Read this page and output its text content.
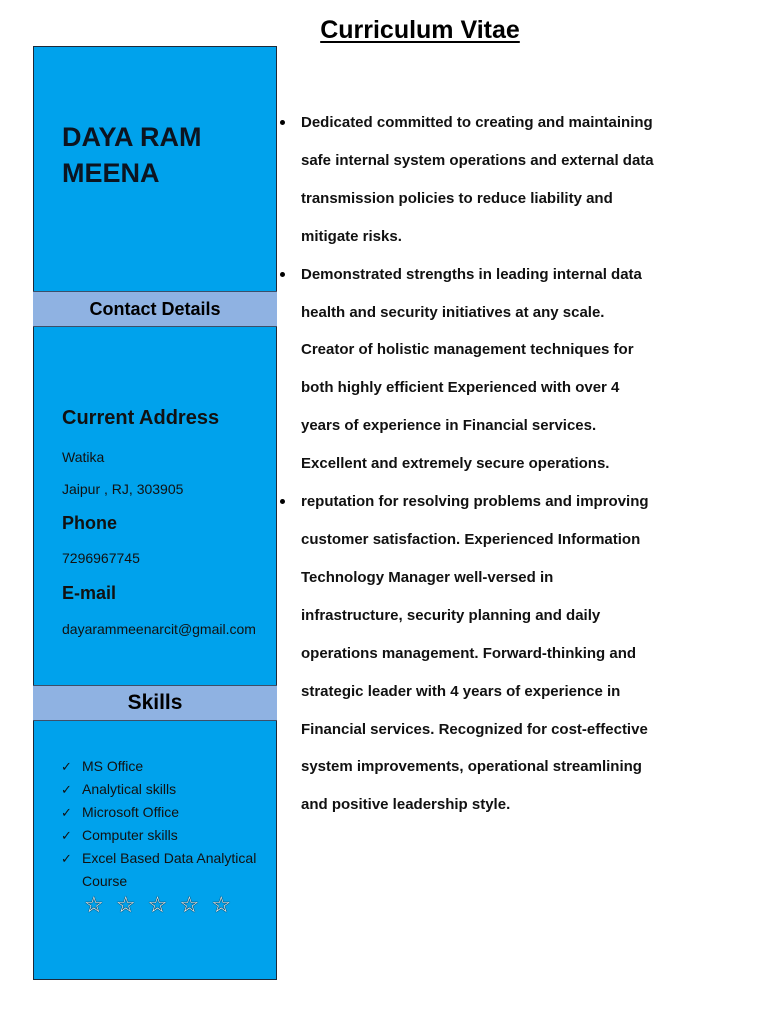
Curriculum Vitae
DAYA RAM MEENA
Contact Details
Current Address
Watika
Jaipur , RJ, 303905
Phone
7296967745
E-mail
dayarammeenarcit@gmail.com
Skills
✓ MS Office
✓ Analytical skills
✓ Microsoft Office
✓ Computer skills
✓ Excel Based Data Analytical Course
☆ ☆ ☆ ☆ ☆
Dedicated committed to creating and maintaining safe internal system operations and external data transmission policies to reduce liability and mitigate risks.
Demonstrated strengths in leading internal data health and security initiatives at any scale. Creator of holistic management techniques for both highly efficient Experienced with over 4 years of experience in Financial services. Excellent and extremely secure operations.
reputation for resolving problems and improving customer satisfaction. Experienced Information Technology Manager well-versed in infrastructure, security planning and daily operations management. Forward-thinking and strategic leader with 4 years of experience in Financial services. Recognized for cost-effective system improvements, operational streamlining and positive leadership style.
